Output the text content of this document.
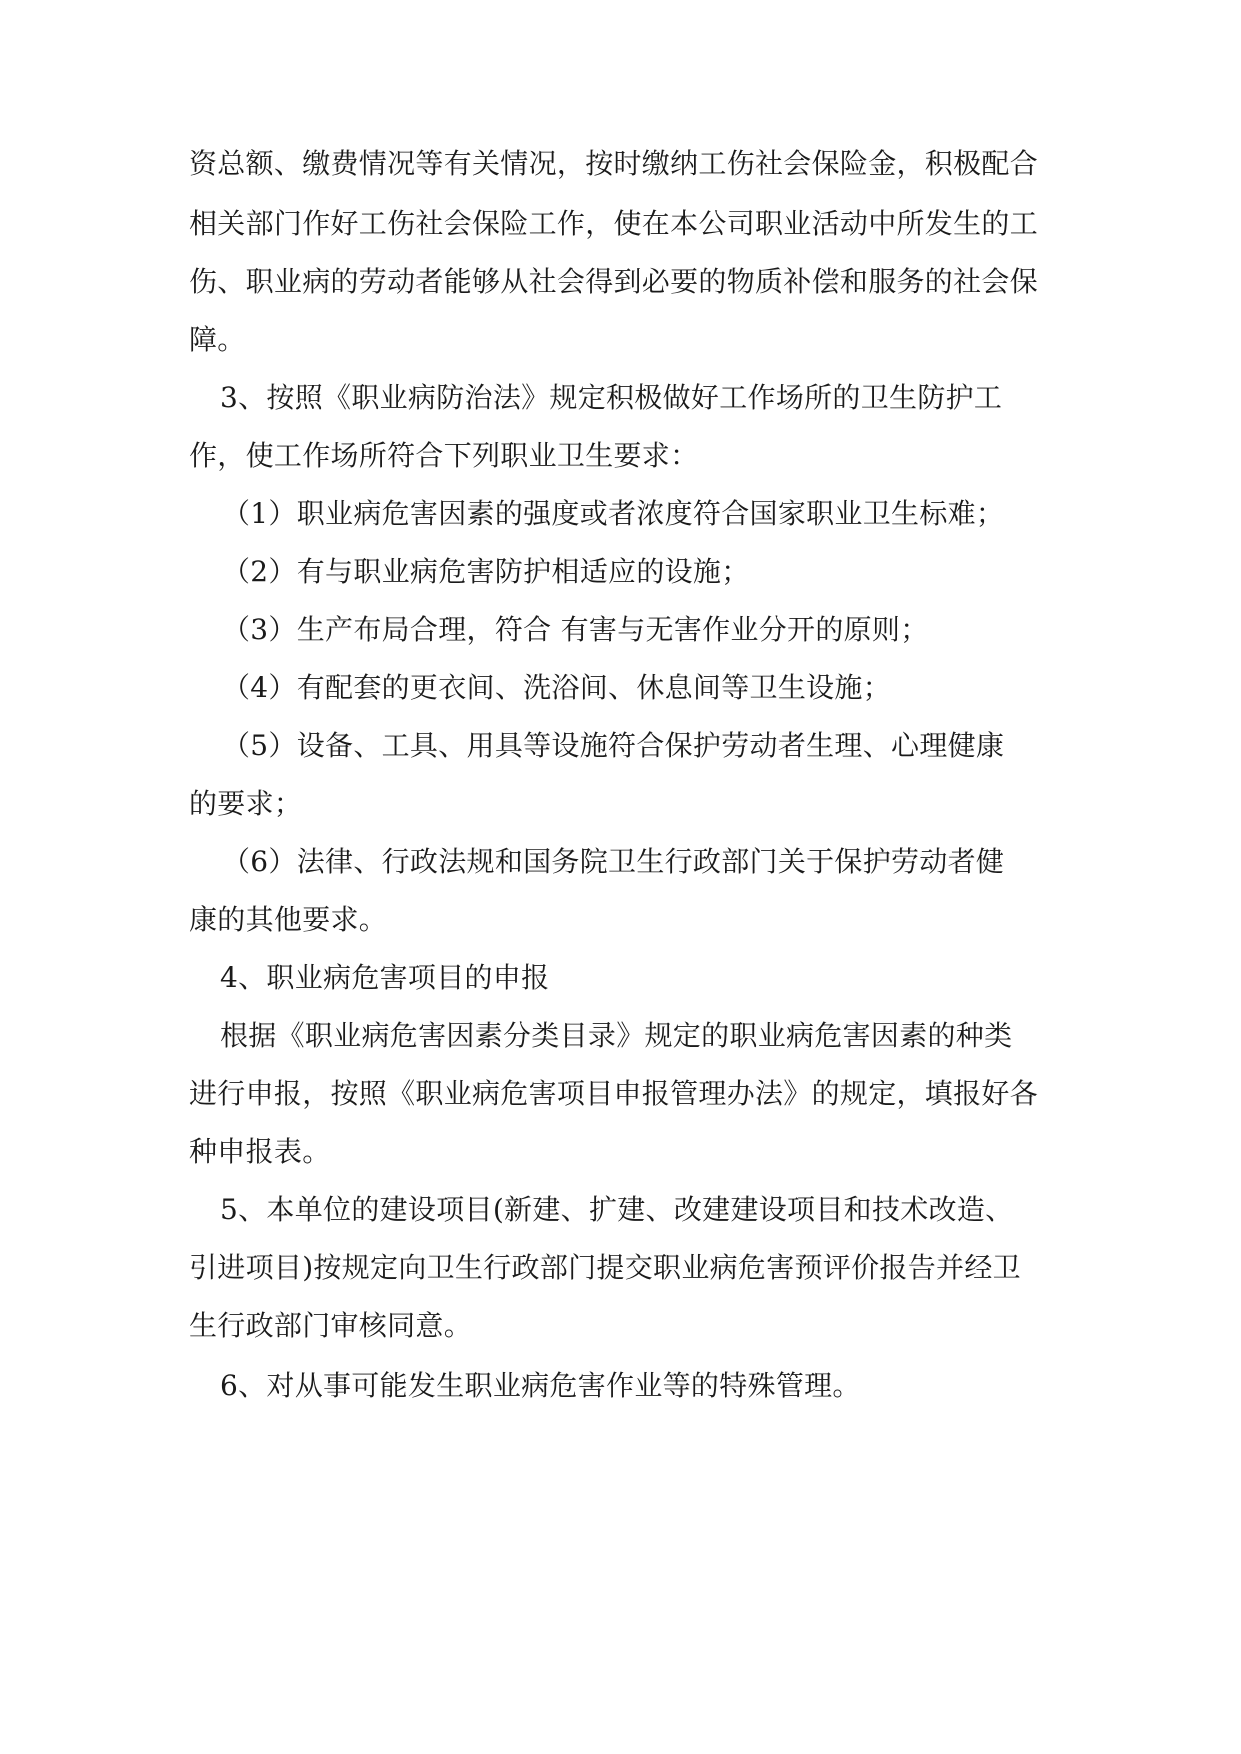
资总额、缴费情况等有关情况，按时缴纳工伤社会保险金，积极配合
相关部门作好工伤社会保险工作，使在本公司职业活动中所发生的工
伤、职业病的劳动者能够从社会得到必要的物质补偿和服务的社会保
障。
3、按照《职业病防治法》规定积极做好工作场所的卫生防护工
作，使工作场所符合下列职业卫生要求：
（1）职业病危害因素的强度或者浓度符合国家职业卫生标难；
（2）有与职业病危害防护相适应的设施；
（3）生产布局合理，符合 有害与无害作业分开的原则；
（4）有配套的更衣间、洗浴间、休息间等卫生设施；
（5）设备、工具、用具等设施符合保护劳动者生理、心理健康
的要求；
（6）法律、行政法规和国务院卫生行政部门关于保护劳动者健
康的其他要求。
4、职业病危害项目的申报
根据《职业病危害因素分类目录》规定的职业病危害因素的种类
进行申报，按照《职业病危害项目申报管理办法》的规定，填报好各
种申报表。
5、本单位的建设项目(新建、扩建、改建建设项目和技术改造、
引进项目)按规定向卫生行政部门提交职业病危害预评价报告并经卫
生行政部门审核同意。
6、对从事可能发生职业病危害作业等的特殊管理。
